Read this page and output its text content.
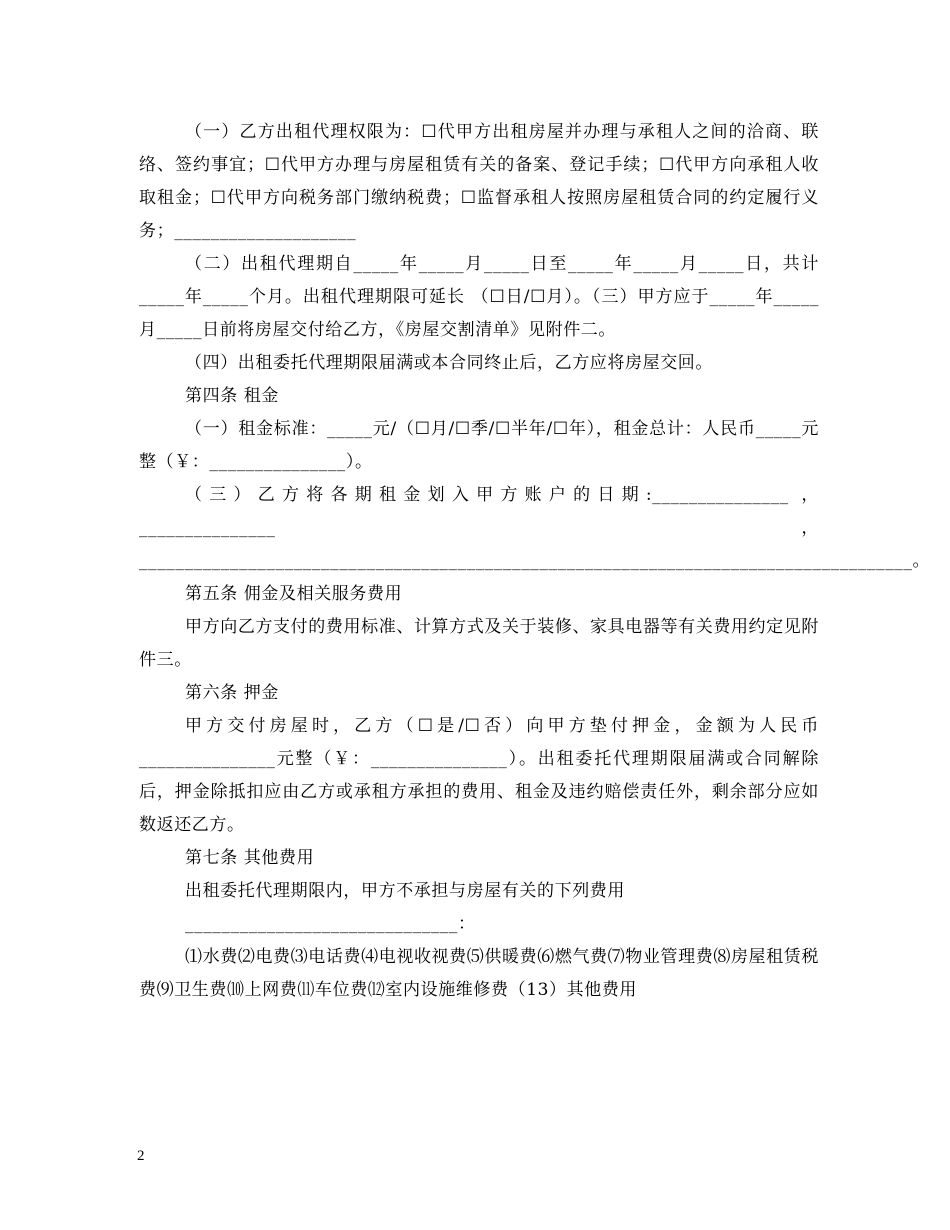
（一）乙方出租代理权限为：☐代甲方出租房屋并办理与承租人之间的洽商、联络、签约事宜；☐代甲方办理与房屋租赁有关的备案、登记手续；☐代甲方向承租人收取租金；☐代甲方向税务部门缴纳税费；☐监督承租人按照房屋租赁合同的约定履行义务；____________________

（二）出租代理期自_____年_____月_____日至_____年_____月_____日，共计_____年_____个月。出租代理期限可延长 （☐日/☐月）。（三）甲方应于_____年_____月_____日前将房屋交付给乙方，《房屋交割清单》见附件二。

（四）出租委托代理期限届满或本合同终止后，乙方应将房屋交回。

第四条 租金

（一）租金标准：_____元/（☐月/☐季/☐半年/☐年），租金总计：人民币_____元整（￥：_______________）。

（三）乙方将各期租金划入甲方账户的日期:_______________ ，_______________，_____________________________________________________________________________________。

第五条 佣金及相关服务费用

甲方向乙方支付的费用标准、计算方式及关于装修、家具电器等有关费用约定见附件三。

第六条 押金

甲方交付房屋时，乙方（☐是/☐否）向甲方垫付押金，金额为人民币_______________元整（￥：_______________）。出租委托代理期限届满或合同解除后，押金除抵扣应由乙方或承租方承担的费用、租金及违约赔偿责任外，剩余部分应如数返还乙方。

第七条 其他费用

出租委托代理期限内，甲方不承担与房屋有关的下列费用

______________________________：

⑴水费⑵电费⑶电话费⑷电视收视费⑸供暖费⑹燃气费⑺物业管理费⑻房屋租赁税费⑼卫生费⑽上网费⑾车位费⑿室内设施维修费（13）其他费用

2
